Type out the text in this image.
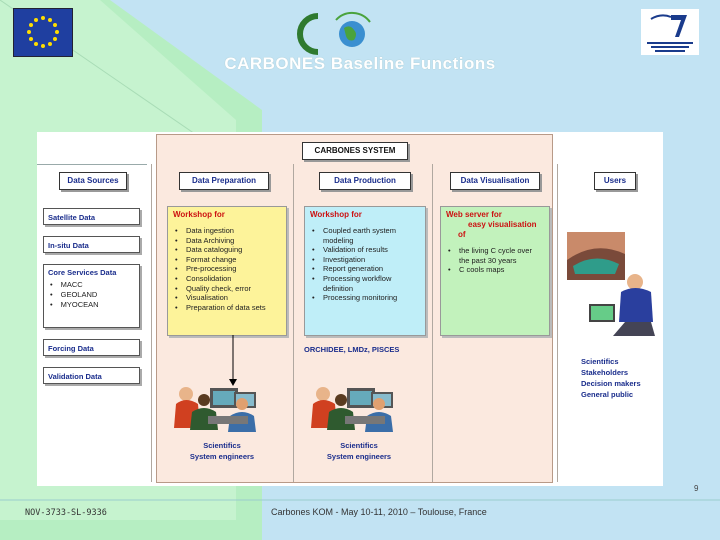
CARBONES Baseline Functions
CARBONES SYSTEM
Data Sources	Data Preparation	Data Production	Data Visualisation	Users
Satellite Data
In-situ Data
Core Services Data
• MACC
• GEOLAND
• MYOCEAN
Forcing Data
Validation Data
Workshop for
• Data ingestion
• Data Archiving
• Data cataloguing
• Format change
• Pre-processing
• Consolidation
• Quality check, error
• Visualisation
• Preparation of data sets
Workshop for
• Coupled earth system modeling
• Validation of results
• Investigation
• Report generation
• Processing workflow definition
• Processing monitoring
ORCHIDEE, LMDz, PISCES
Web server for
easy visualisation
of
• the living C cycle over the past 30 years
• C cools maps
Scientifics
System engineers
Scientifics
System engineers
Scientifics
Stakeholders
Decision makers
General public
9
NOV-3733-SL-9336	Carbones KOM - May 10-11, 2010 – Toulouse, France
